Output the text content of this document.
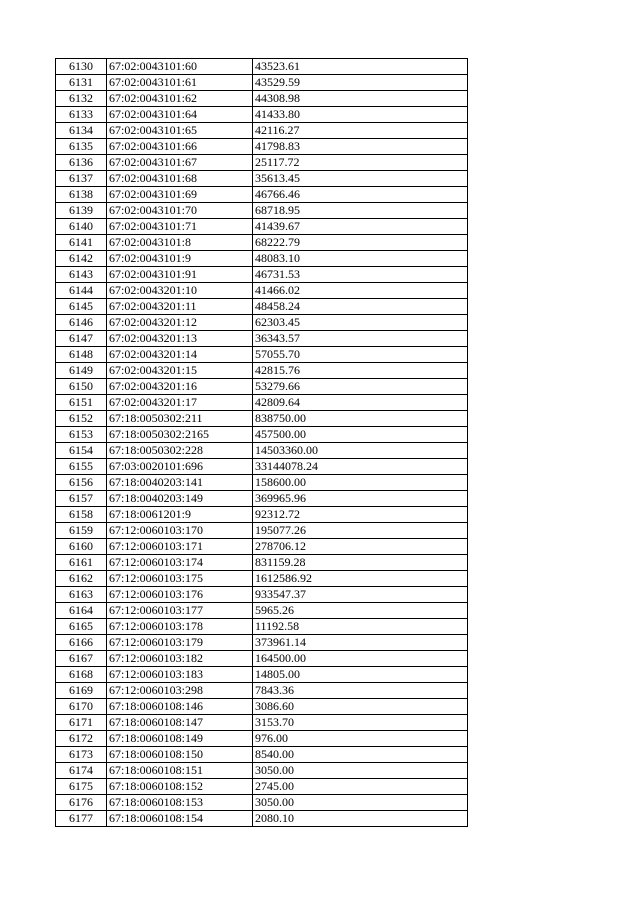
6130	67:02:0043101:60	43523.61
6131	67:02:0043101:61	43529.59
6132	67:02:0043101:62	44308.98
6133	67:02:0043101:64	41433.80
6134	67:02:0043101:65	42116.27
6135	67:02:0043101:66	41798.83
6136	67:02:0043101:67	25117.72
6137	67:02:0043101:68	35613.45
6138	67:02:0043101:69	46766.46
6139	67:02:0043101:70	68718.95
6140	67:02:0043101:71	41439.67
6141	67:02:0043101:8	68222.79
6142	67:02:0043101:9	48083.10
6143	67:02:0043101:91	46731.53
6144	67:02:0043201:10	41466.02
6145	67:02:0043201:11	48458.24
6146	67:02:0043201:12	62303.45
6147	67:02:0043201:13	36343.57
6148	67:02:0043201:14	57055.70
6149	67:02:0043201:15	42815.76
6150	67:02:0043201:16	53279.66
6151	67:02:0043201:17	42809.64
6152	67:18:0050302:211	838750.00
6153	67:18:0050302:2165	457500.00
6154	67:18:0050302:228	14503360.00
6155	67:03:0020101:696	33144078.24
6156	67:18:0040203:141	158600.00
6157	67:18:0040203:149	369965.96
6158	67:18:0061201:9	92312.72
6159	67:12:0060103:170	195077.26
6160	67:12:0060103:171	278706.12
6161	67:12:0060103:174	831159.28
6162	67:12:0060103:175	1612586.92
6163	67:12:0060103:176	933547.37
6164	67:12:0060103:177	5965.26
6165	67:12:0060103:178	11192.58
6166	67:12:0060103:179	373961.14
6167	67:12:0060103:182	164500.00
6168	67:12:0060103:183	14805.00
6169	67:12:0060103:298	7843.36
6170	67:18:0060108:146	3086.60
6171	67:18:0060108:147	3153.70
6172	67:18:0060108:149	976.00
6173	67:18:0060108:150	8540.00
6174	67:18:0060108:151	3050.00
6175	67:18:0060108:152	2745.00
6176	67:18:0060108:153	3050.00
6177	67:18:0060108:154	2080.10
